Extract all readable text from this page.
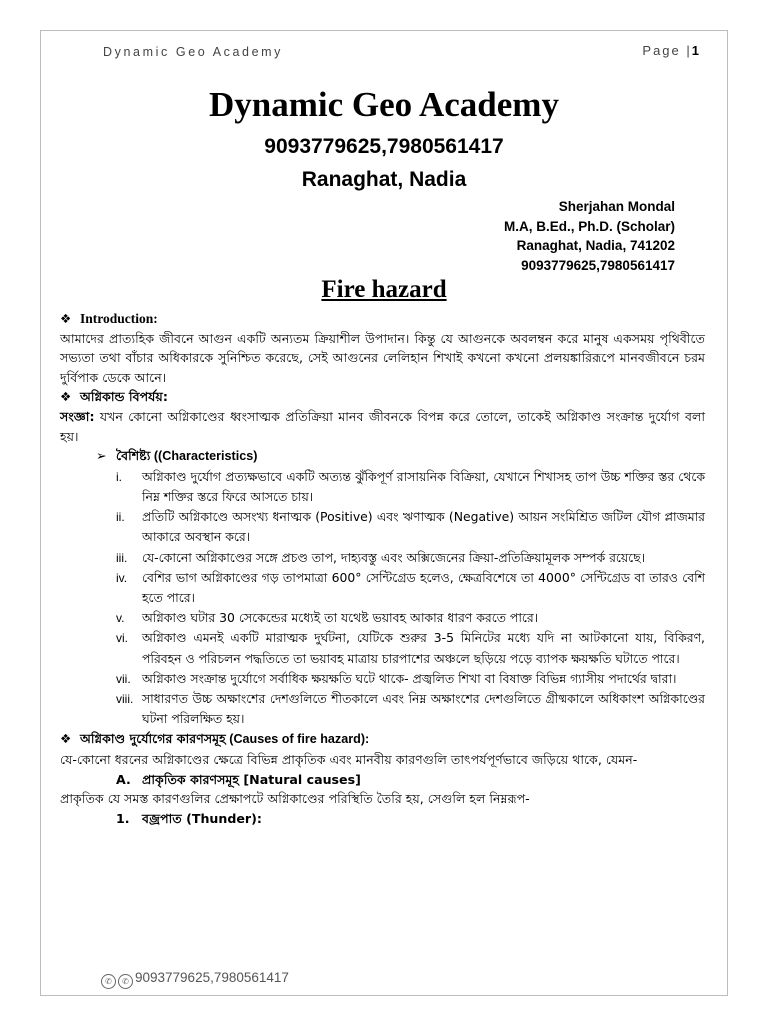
Dynamic Geo Academy	Page |1
Dynamic Geo Academy
9093779625,7980561417
Ranaghat, Nadia
Sherjahan Mondal
M.A, B.Ed., Ph.D. (Scholar)
Ranaghat, Nadia, 741202
9093779625,7980561417
Fire hazard
❖ Introduction:

আমাদের প্রাত্যহিক জীবনে আগুন একটি অন্যতম ক্রিয়াশীল উপাদান। কিন্তু যে আগুনকে অবলম্বন করে মানুষ একসময় পৃথিবীতে সভ্যতা তথা বাঁচার অধিকারকে সুনিশ্চিত করেছে, সেই আগুনের লেলিহান শিখাই কখনো কখনো প্রলয়ঙ্কারিরূপে মানবজীবনে চরম দুর্বিপাক ডেকে আনে।

❖ অগ্নিকান্ড বিপর্যয়:

সংজ্ঞা: যখন কোনো অগ্নিকাণ্ডের ধ্বংসাত্মক প্রতিক্রিয়া মানব জীবনকে বিপন্ন করে তোলে, তাকেই অগ্নিকাণ্ড সংক্রান্ত দুর্যোগ বলা হয়।

➢ বৈশিষ্ট্য ((Characteristics)
i.	অগ্নিকাণ্ড দুর্যোগ প্রত্যক্ষভাবে একটি অত্যন্ত ঝুঁকিপূর্ণ রাসায়নিক বিক্রিয়া, যেখানে শিখাসহ তাপ উচ্চ শক্তির স্তর থেকে নিম্ন শক্তির স্তরে ফিরে আসতে চায়।
ii.	প্রতিটি অগ্নিকাণ্ডে অসংখ্য ধনাত্মক (Positive) এবং ঋণাত্মক (Negative) আয়ন সংমিশ্রিত জটিল যৌগ প্লাজমার আকারে অবস্থান করে।
iii.	যে-কোনো অগ্নিকাণ্ডের সঙ্গে প্রচণ্ড তাপ, দাহ্যবস্তু এবং অক্সিজেনের ক্রিয়া-প্রতিক্রিয়ামূলক সম্পর্ক রয়েছে।
iv.	বেশির ভাগ অগ্নিকাণ্ডের গড় তাপমাত্রা 600° সেন্টিগ্রেড হলেও, ক্ষেত্রবিশেষে তা 4000° সেন্টিগ্রেড বা তারও বেশি হতে পারে।
v.	অগ্নিকাণ্ড ঘটার 30 সেকেন্ডের মধ্যেই তা যথেষ্ট ভয়াবহ আকার ধারণ করতে পারে।
vi.	অগ্নিকাণ্ড এমনই একটি মারাত্মক দুর্ঘটনা, যেটিকে শুরুর 3-5 মিনিটের মধ্যে যদি না আটকানো যায়, বিকিরণ, পরিবহন ও পরিচলন পদ্ধতিতে তা ভয়াবহ মাত্রায় চারপাশের অঞ্চলে ছড়িয়ে পড়ে ব্যাপক ক্ষয়ক্ষতি ঘটাতে পারে।
vii. অগ্নিকাণ্ড সংক্রান্ত দুর্যোগে সর্বাধিক ক্ষয়ক্ষতি ঘটে থাকে- প্রজ্বলিত শিখা বা বিষাক্ত বিভিন্ন গ্যাসীয় পদার্থের দ্বারা।
viii. সাধারণত উচ্চ অক্ষাংশের দেশগুলিতে শীতকালে এবং নিম্ন অক্ষাংশের দেশগুলিতে গ্রীষ্মকালে অধিকাংশ অগ্নিকাণ্ডের ঘটনা পরিলক্ষিত হয়।
❖ অগ্নিকাণ্ড দুর্যোগের কারণসমূহ (Causes of fire hazard):

যে-কোনো ধরনের অগ্নিকাণ্ডের ক্ষেত্রে বিভিন্ন প্রাকৃতিক এবং মানবীয় কারণগুলি তাৎপর্যপূর্ণভাবে জড়িয়ে থাকে, যেমন-

A. প্রাকৃতিক কারণসমূহ [Natural causes]

প্রাকৃতিক যে সমস্ত কারণগুলির প্রেক্ষাপটে অগ্নিকাণ্ডের পরিস্থিতি তৈরি হয়, সেগুলি হল নিম্নরূপ-

1. বজ্রপাত (Thunder):
✆ ✆ 9093779625,7980561417
